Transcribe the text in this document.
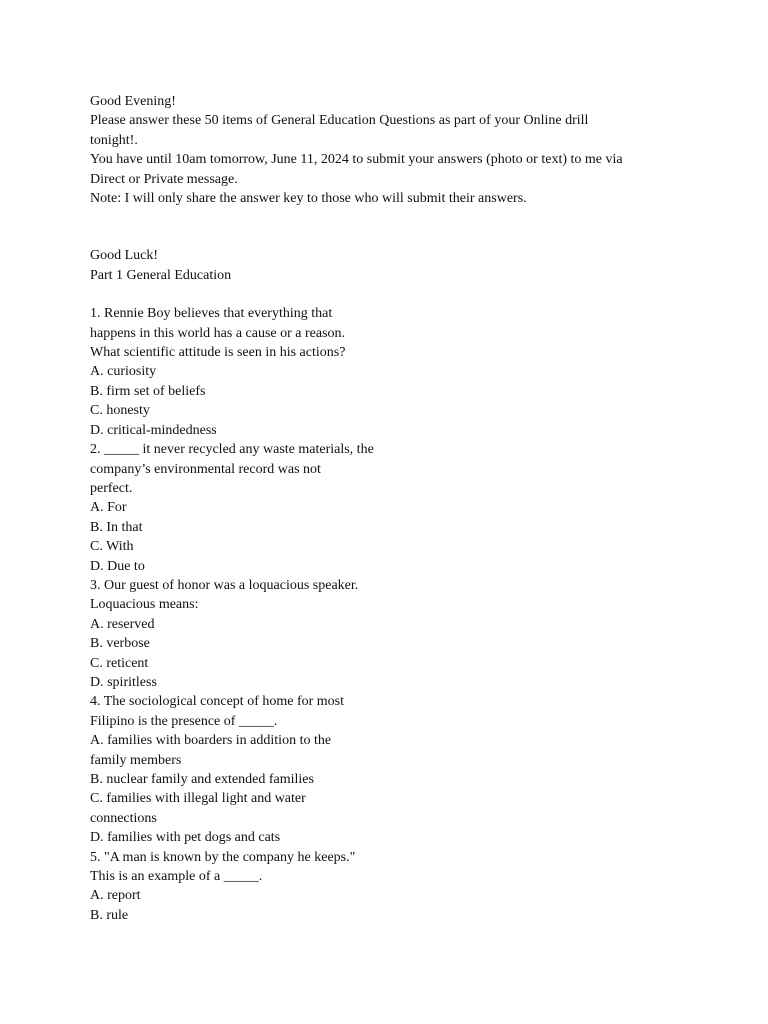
Good Evening!
Please answer these 50 items of General Education Questions as part of your Online drill
tonight!.
You have until 10am tomorrow, June 11, 2024 to submit your answers (photo or text) to me via
Direct or Private message.
Note: I will only share the answer key to those who will submit their answers.
Good Luck!
Part 1 General Education
1. Rennie Boy believes that everything that
happens in this world has a cause or a reason.
What scientific attitude is seen in his actions?
A. curiosity
B. firm set of beliefs
C. honesty
D. critical-mindedness
2. _____ it never recycled any waste materials, the
company’s environmental record was not
perfect.
A. For
B. In that
C. With
D. Due to
3. Our guest of honor was a loquacious speaker.
Loquacious means:
A. reserved
B. verbose
C. reticent
D. spiritless
4. The sociological concept of home for most
Filipino is the presence of _____.
A. families with boarders in addition to the
family members
B. nuclear family and extended families
C. families with illegal light and water
connections
D. families with pet dogs and cats
5. "A man is known by the company he keeps."
This is an example of a _____.
A. report
B. rule
